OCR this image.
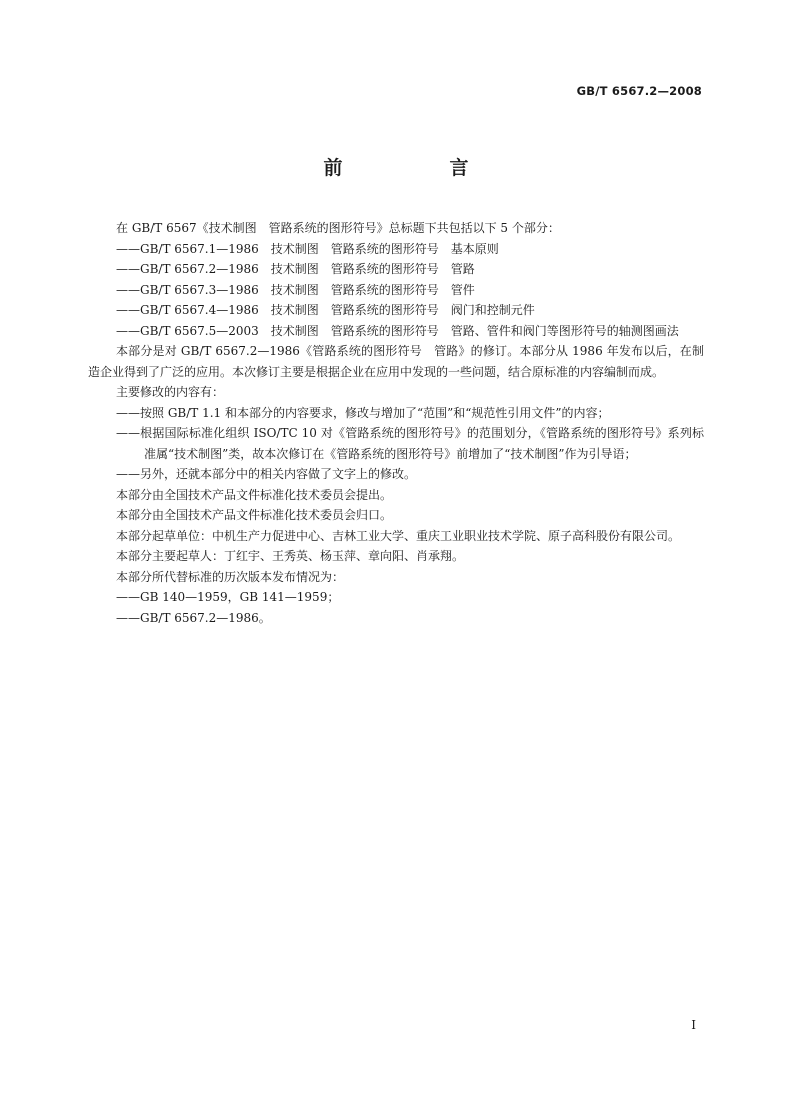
GB/T 6567.2—2008
前　言

在 GB/T 6567《技术制图　管路系统的图形符号》总标题下共包括以下 5 个部分：

——GB/T 6567.1—1986　技术制图　管路系统的图形符号　基本原则

——GB/T 6567.2—1986　技术制图　管路系统的图形符号　管路

——GB/T 6567.3—1986　技术制图　管路系统的图形符号　管件

——GB/T 6567.4—1986　技术制图　管路系统的图形符号　阀门和控制元件

——GB/T 6567.5—2003　技术制图　管路系统的图形符号　管路、管件和阀门等图形符号的轴测图画法

本部分是对 GB/T 6567.2—1986《管路系统的图形符号　管路》的修订。本部分从 1986 年发布以后，在制造企业得到了广泛的应用。本次修订主要是根据企业在应用中发现的一些问题，结合原标准的内容编制而成。

主要修改的内容有：

——按照 GB/T 1.1 和本部分的内容要求，修改与增加了“范围”和“规范性引用文件”的内容；

——根据国际标准化组织 ISO/TC 10 对《管路系统的图形符号》的范围划分，《管路系统的图形符号》系列标准属“技术制图”类，故本次修订在《管路系统的图形符号》前增加了“技术制图”作为引导语；

——另外，还就本部分中的相关内容做了文字上的修改。

本部分由全国技术产品文件标准化技术委员会提出。

本部分由全国技术产品文件标准化技术委员会归口。

本部分起草单位：中机生产力促进中心、吉林工业大学、重庆工业职业技术学院、原子高科股份有限公司。

本部分主要起草人：丁红宇、王秀英、杨玉萍、章向阳、肖承翔。

本部分所代替标准的历次版本发布情况为：

——GB 140—1959，GB 141—1959；

——GB/T 6567.2—1986。

I
